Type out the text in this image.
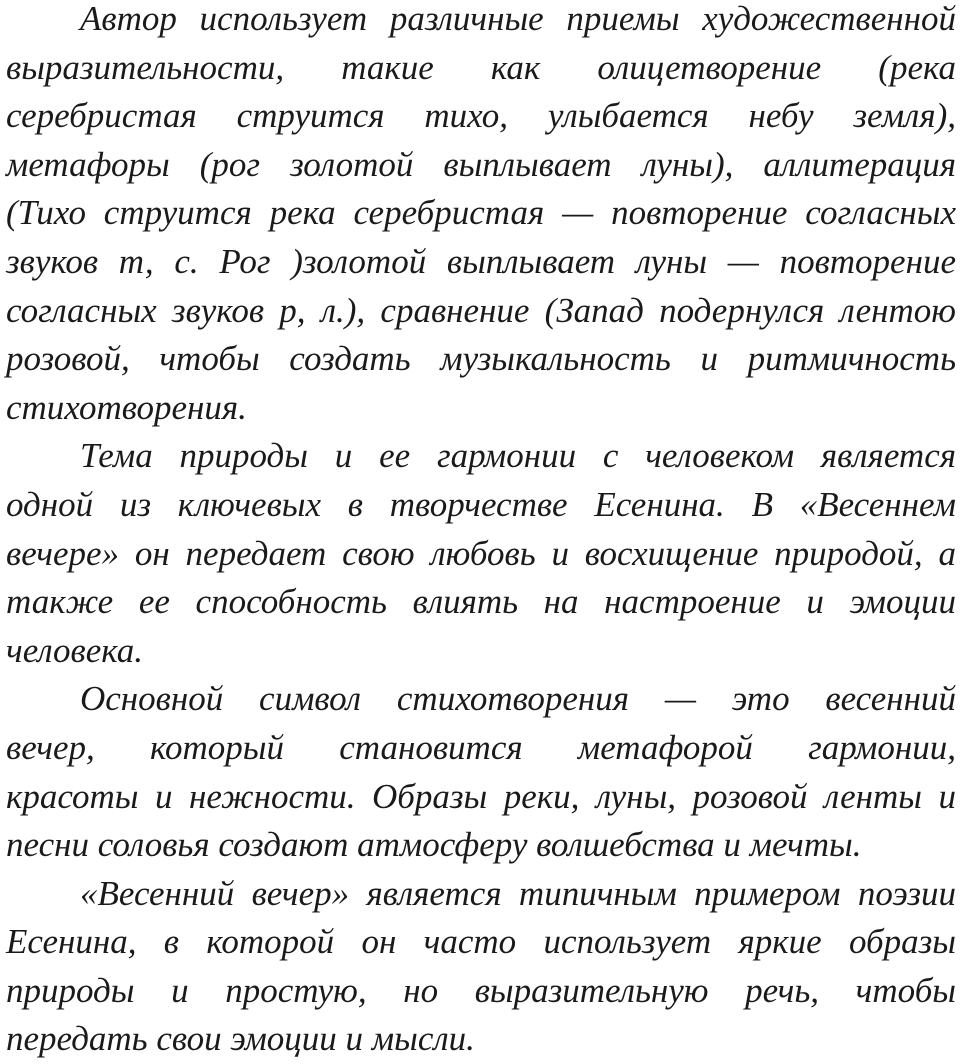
Автор использует различные приемы художественной
выразительности, такие как олицетворение (река
серебристая струится тихо, улыбается небу земля),
метафоры (рог золотой выплывает луны), аллитерация
(Тихо струится река серебристая — повторение согласных
звуков т, с. Рог )золотой выплывает луны — повторение
согласных звуков р, л.), сравнение (Запад подернулся лентою
розовой, чтобы создать музыкальность и ритмичность
стихотворения.

Тема природы и ее гармонии с человеком является
одной из ключевых в творчестве Есенина. В «Весеннем
вечере» он передает свою любовь и восхищение природой, а
также ее способность влиять на настроение и эмоции
человека.

Основной символ стихотворения — это весенний
вечер, который становится метафорой гармонии,
красоты и нежности. Образы реки, луны, розовой ленты и
песни соловья создают атмосферу волшебства и мечты.

«Весенний вечер» является типичным примером поэзии
Есенина, в которой он часто использует яркие образы
природы и простую, но выразительную речь, чтобы
передать свои эмоции и мысли.
